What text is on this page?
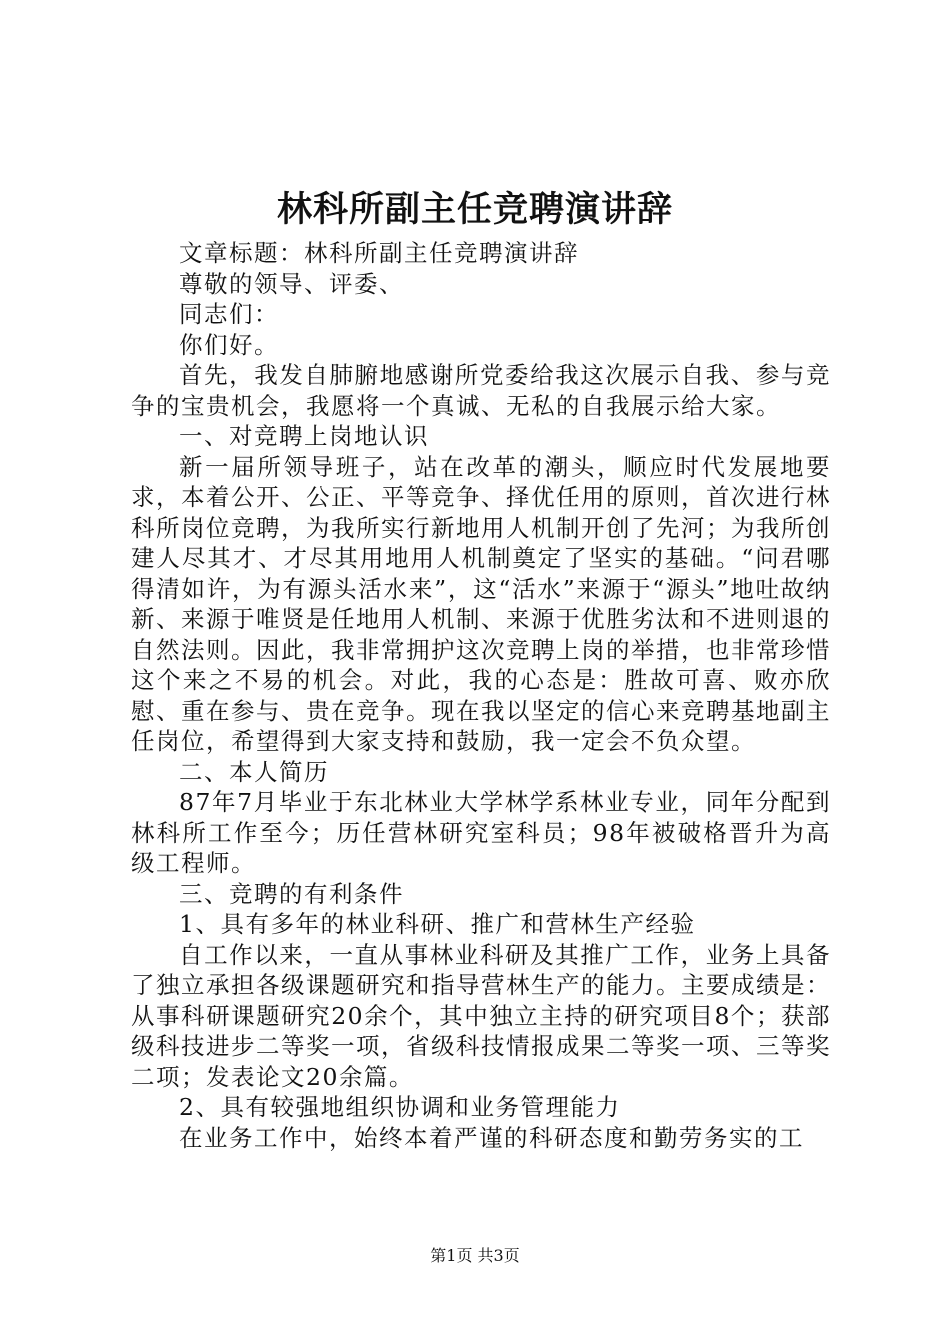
林科所副主任竞聘演讲辞

文章标题：林科所副主任竞聘演讲辞

尊敬的领导、评委、

同志们：

你们好。

首先，我发自肺腑地感谢所党委给我这次展示自我、参与竞争的宝贵机会，我愿将一个真诚、无私的自我展示给大家。

一、对竞聘上岗地认识

新一届所领导班子，站在改革的潮头，顺应时代发展地要求，本着公开、公正、平等竞争、择优任用的原则，首次进行林科所岗位竞聘，为我所实行新地用人机制开创了先河；为我所创建人尽其才、才尽其用地用人机制奠定了坚实的基础。“问君哪得清如许，为有源头活水来”，这“活水”来源于“源头”地吐故纳新、来源于唯贤是任地用人机制、来源于优胜劣汰和不进则退的自然法则。因此，我非常拥护这次竞聘上岗的举措，也非常珍惜这个来之不易的机会。对此，我的心态是：胜故可喜、败亦欣慰、重在参与、贵在竞争。现在我以坚定的信心来竞聘基地副主任岗位，希望得到大家支持和鼓励，我一定会不负众望。

二、本人简历

87年7月毕业于东北林业大学林学系林业专业，同年分配到林科所工作至今；历任营林研究室科员；98年被破格晋升为高级工程师。

三、竞聘的有利条件

1、具有多年的林业科研、推广和营林生产经验

自工作以来，一直从事林业科研及其推广工作，业务上具备了独立承担各级课题研究和指导营林生产的能力。主要成绩是：从事科研课题研究20余个，其中独立主持的研究项目8个；获部级科技进步二等奖一项，省级科技情报成果二等奖一项、三等奖二项；发表论文20余篇。

2、具有较强地组织协调和业务管理能力

在业务工作中，始终本着严谨的科研态度和勤劳务实的工

第1页 共3页
